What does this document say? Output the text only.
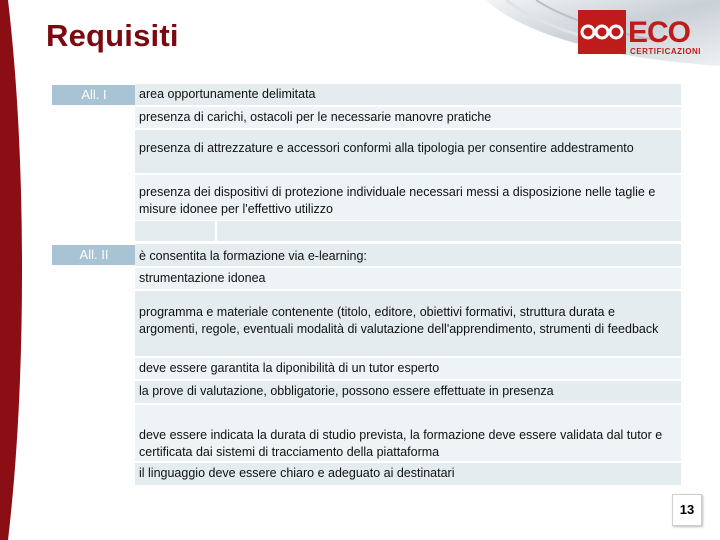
ECO
CERTIFICAZIONI
Requisiti
All. I	area opportunamente delimitata
presenza di carichi, ostacoli per le necessarie manovre pratiche
presenza di attrezzature e accessori conformi alla tipologia per consentire addestramento
presenza dei dispositivi di protezione individuale necessari messi a disposizione nelle taglie e misure idonee per l'effettivo utilizzo
All. II	è consentita la formazione via e-learning:
strumentazione idonea
programma e materiale contenente (titolo, editore, obiettivi formativi, struttura durata e argomenti, regole, eventuali modalità di valutazione dell'apprendimento, strumenti di feedback
deve essere garantita la diponibilità di un tutor esperto
la prove di valutazione, obbligatorie, possono essere effettuate in presenza
deve essere indicata la durata di studio prevista, la formazione deve essere validata dal tutor e certificata dai sistemi di tracciamento della piattaforma
il linguaggio deve essere chiaro e adeguato ai destinatari
13
